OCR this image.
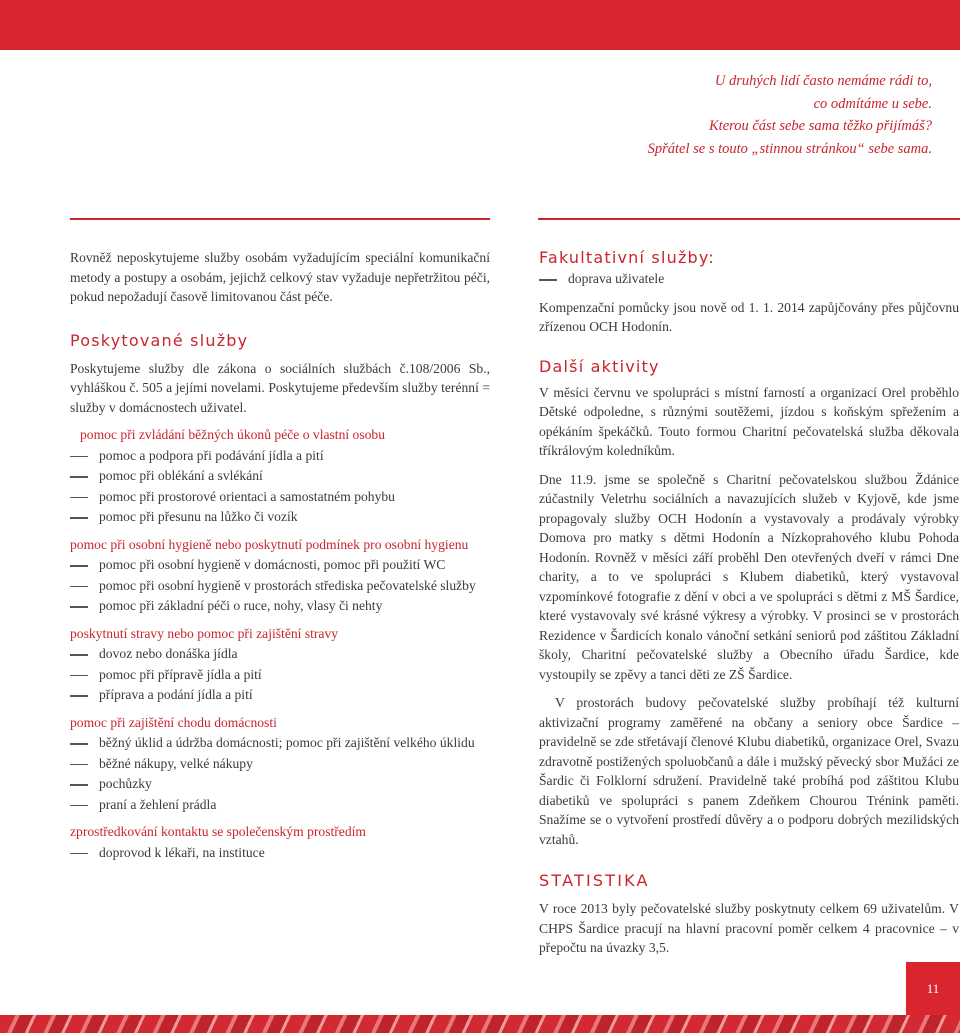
U druhých lidí často nemáme rádi to,
co odmítáme u sebe.
Kterou část sebe sama těžko přijímáš?
Spřátel se s touto „stinnou stránkou“ sebe sama.

Rovněž neposkytujeme služby osobám vyžadujícím speciální komunikační metody a postupy a osobám, jejichž celkový stav vyžaduje nepřetržitou péči, pokud nepožadují časově limitovanou část péče.

Poskytované služby

Poskytujeme služby dle zákona o sociálních službách č.108/2006 Sb., vyhláškou č. 505 a jejími novelami. Poskytujeme především služby terénní = služby v domácnostech uživatel.

pomoc při zvládání běžných úkonů péče o vlastní osobu
pomoc a podpora při podávání jídla a pití
pomoc při oblékání a svlékání
pomoc při prostorové orientaci a samostatném pohybu
pomoc při přesunu na lůžko či vozík
pomoc při osobní hygieně nebo poskytnutí podmínek pro osobní hygienu
pomoc při osobní hygieně v domácnosti, pomoc při použití WC
pomoc při osobní hygieně v prostorách střediska pečovatelské služby
pomoc při základní péči o ruce, nohy, vlasy či nehty
poskytnutí stravy nebo pomoc při zajištění stravy
dovoz nebo donáška jídla
pomoc při přípravě jídla a pití
příprava a podání jídla a pití
pomoc při zajištění chodu domácnosti
běžný úklid a údržba domácnosti; pomoc při zajištění velkého úklidu
běžné nákupy, velké nákupy
pochůzky
praní a žehlení prádla
zprostředkování kontaktu se společenským prostředím
doprovod k lékaři, na instituce
Fakultativní služby:
doprava uživatele

Kompenzační pomůcky jsou nově od 1. 1. 2014 zapůjčovány přes půjčovnu zřízenou OCH Hodonín.

Další aktivity

V měsíci červnu ve spolupráci s místní farností a organizací Orel proběhlo Dětské odpoledne, s různými soutěžemi, jízdou s koňským spřežením a opékáním špekáčků. Touto formou Charitní pečovatelská služba děkovala tříkrálovým koledníkům.

Dne 11.9. jsme se společně s Charitní pečovatelskou službou Ždánice zúčastnily Veletrhu sociálních a navazujících služeb v Kyjově, kde jsme propagovaly služby OCH Hodonín a vystavovaly a prodávaly výrobky Domova pro matky s dětmi Hodonín a Nízkoprahového klubu Pohoda Hodonín. Rovněž v měsíci září proběhl Den otevřených dveří v rámci Dne charity, a to ve spolupráci s Klubem diabetiků, který vystavoval vzpomínkové fotografie z dění v obci a ve spolupráci s dětmi z MŠ Šardice, které vystavovaly své krásné výkresy a výrobky. V prosinci se v prostorách Rezidence v Šardicích konalo vánoční setkání seniorů pod záštitou Základní školy, Charitní pečovatelské služby a Obecního úřadu Šardice, kde vystoupily se zpěvy a tanci děti ze ZŠ Šardice.

V prostorách budovy pečovatelské služby probíhají též kulturní aktivizační programy zaměřené na občany a seniory obce Šardice – pravidelně se zde střetávají členové Klubu diabetiků, organizace Orel, Svazu zdravotně postižených spoluobčanů a dále i mužský pěvecký sbor Mužáci ze Šardic či Folklorní sdružení. Pravidelně také probíhá pod záštitou Klubu diabetiků ve spolupráci s panem Zdeňkem Chourou Trénink paměti. Snažíme se o vytvoření prostředí důvěry a o podporu dobrých mezilidských vztahů.

STATISTIKA

V roce 2013 byly pečovatelské služby poskytnuty celkem 69 uživatelům. V CHPS Šardice pracují na hlavní pracovní poměr celkem 4 pracovnice – v přepočtu na úvazky 3,5.

11
